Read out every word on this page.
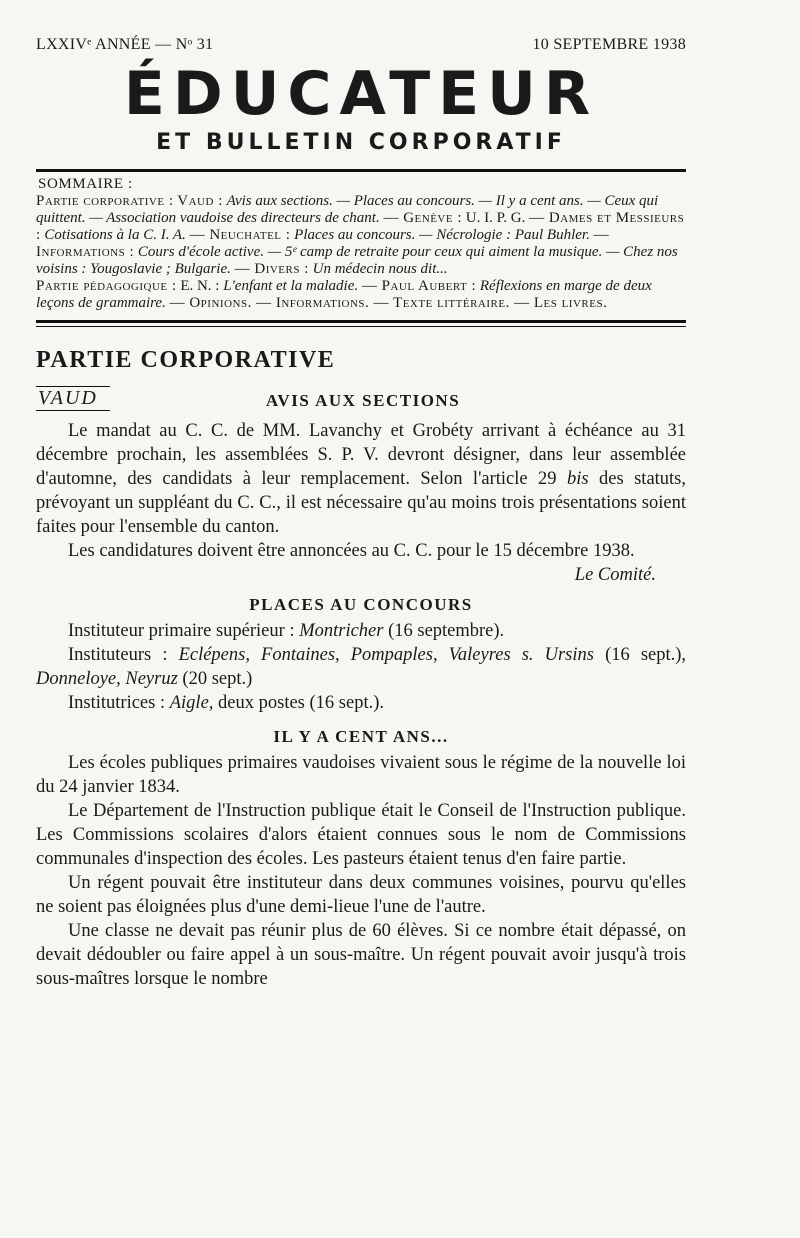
LXXIVᵉ ANNÉE — Nᵒ 31	10 SEPTEMBRE 1938
ÉDUCATEUR
ET BULLETIN CORPORATIF
SOMMAIRE :
Partie corporative : Vaud : Avis aux sections. — Places au concours. — Il y a cent ans. — Ceux qui quittent. — Association vaudoise des directeurs de chant. — Genève : U. I. P. G. — Dames et Messieurs : Cotisations à la C. I. A. — Neuchatel : Places au concours. — Nécrologie : Paul Buhler. — Informations : Cours d'école active. — 5ᵉ camp de retraite pour ceux qui aiment la musique. — Chez nos voisins : Yougoslavie ; Bulgarie. — Divers : Un médecin nous dit...
Partie pédagogique : E. N. : L'enfant et la maladie. — Paul Aubert : Réflexions en marge de deux leçons de grammaire. — Opinions. — Informations. — Texte littéraire. — Les livres.
PARTIE CORPORATIVE
VAUD	AVIS AUX SECTIONS

Le mandat au C. C. de MM. Lavanchy et Grobéty arrivant à échéance au 31 décembre prochain, les assemblées S. P. V. devront désigner, dans leur assemblée d'automne, des candidats à leur remplacement. Selon l'article 29 bis des statuts, prévoyant un suppléant du C. C., il est nécessaire qu'au moins trois présentations soient faites pour l'ensemble du canton.

Les candidatures doivent être annoncées au C. C. pour le 15 décembre 1938.

Le Comité.
PLACES AU CONCOURS

Instituteur primaire supérieur : Montricher (16 septembre).

Instituteurs : Eclépens, Fontaines, Pompaples, Valeyres s. Ursins (16 sept.), Donneloye, Neyruz (20 sept.)

Institutrices : Aigle, deux postes (16 sept.).

IL Y A CENT ANS...

Les écoles publiques primaires vaudoises vivaient sous le régime de la nouvelle loi du 24 janvier 1834.

Le Département de l'Instruction publique était le Conseil de l'Instruction publique. Les Commissions scolaires d'alors étaient connues sous le nom de Commissions communales d'inspection des écoles. Les pasteurs étaient tenus d'en faire partie.

Un régent pouvait être instituteur dans deux communes voisines, pourvu qu'elles ne soient pas éloignées plus d'une demi-lieue l'une de l'autre.

Une classe ne devait pas réunir plus de 60 élèves. Si ce nombre était dépassé, on devait dédoubler ou faire appel à un sous-maître. Un régent pouvait avoir jusqu'à trois sous-maîtres lorsque le nombre
